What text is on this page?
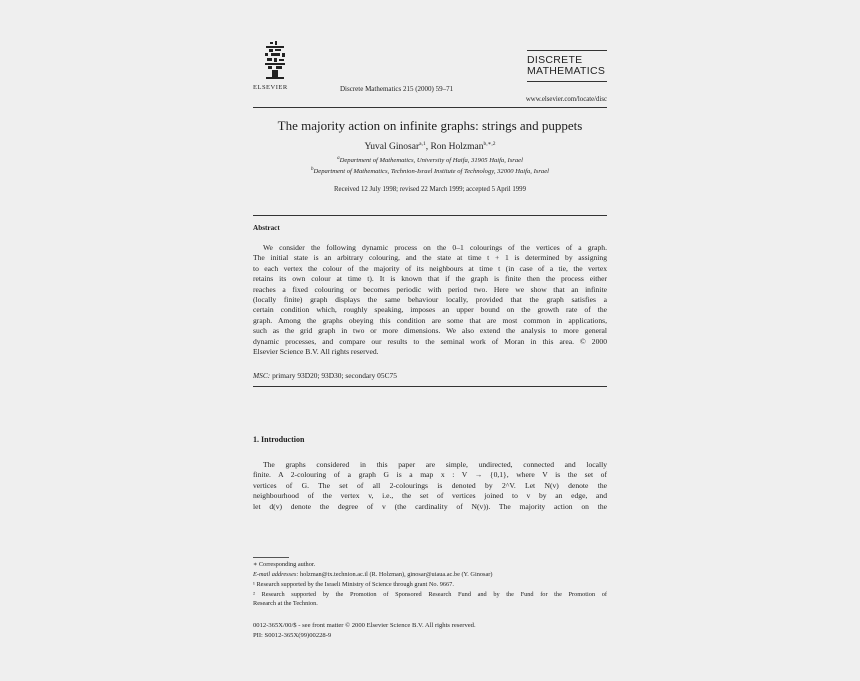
ELSEVIER	Discrete Mathematics 215 (2000) 59–71
DISCRETE
MATHEMATICS
www.elsevier.com/locate/disc
The majority action on infinite graphs: strings and puppets
Yuval Ginosar$^{a,1}$, Ron Holzman$^{b,∗,2}$
$^a$Department of Mathematics, University of Haifa, 31905 Haifa, Israel
$^b$Department of Mathematics, Technion-Israel Institute of Technology, 32000 Haifa, Israel
Received 12 July 1998; revised 22 March 1999; accepted 5 April 1999
Abstract
We consider the following dynamic process on the 0–1 colourings of the vertices of a graph.
The initial state is an arbitrary colouring, and the state at time t + 1 is determined by assigning
to each vertex the colour of the majority of its neighbours at time t (in case of a tie, the vertex
retains its own colour at time t). It is known that if the graph is finite then the process either
reaches a fixed colouring or becomes periodic with period two. Here we show that an infinite
(locally finite) graph displays the same behaviour locally, provided that the graph satisfies a
certain condition which, roughly speaking, imposes an upper bound on the growth rate of the
graph. Among the graphs obeying this condition are some that are most common in applications,
such as the grid graph in two or more dimensions. We also extend the analysis to more general
dynamic processes, and compare our results to the seminal work of Moran in this area. © 2000
Elsevier Science B.V. All rights reserved.
MSC: primary 93D20; 93D30; secondary 05C75
1. Introduction
The graphs considered in this paper are simple, undirected, connected and locally
finite. A 2-colouring of a graph G is a map x : V → {0,1}, where V is the set of
vertices of G. The set of all 2-colourings is denoted by 2^V. Let N(v) denote the
neighbourhood of the vertex v, i.e., the set of vertices joined to v by an edge, and
let d(v) denote the degree of v (the cardinality of N(v)). The majority action on the
∗ Corresponding author.
E-mail addresses: holzman@tx.technion.ac.il (R. Holzman), ginosar@uiaua.ac.be (Y. Ginosar)
¹ Research supported by the Israeli Ministry of Science through grant No. 9667.
² Research supported by the Promotion of Sponsored Research Fund and by the Fund for the Promotion of
Research at the Technion.
0012-365X/00/$ - see front matter © 2000 Elsevier Science B.V. All rights reserved.
PII: S0012-365X(99)00228-9
